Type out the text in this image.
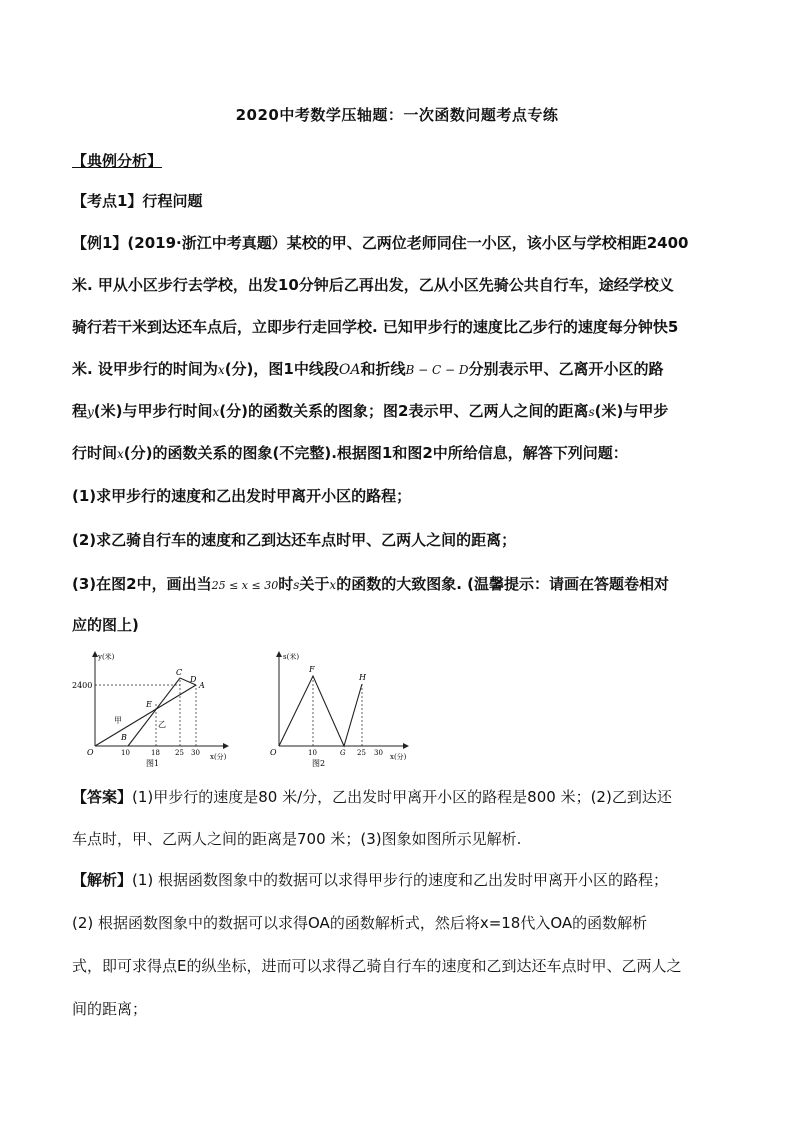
2020中考数学压轴题：一次函数问题考点专练
【典例分析】
【考点1】行程问题
【例1】(2019·浙江中考真题）某校的甲、乙两位老师同住一小区，该小区与学校相距2400
米. 甲从小区步行去学校，出发10分钟后乙再出发，乙从小区先骑公共自行车，途经学校义
骑行若干米到达还车点后，立即步行走回学校. 已知甲步行的速度比乙步行的速度每分钟快5
米. 设甲步行的时间为x(分)，图1中线段OA和折线B − C − D分别表示甲、乙离开小区的路
程y(米)与甲步行时间x(分)的函数关系的图象；图2表示甲、乙两人之间的距离s(米)与甲步
行时间x(分)的函数关系的图象(不完整).根据图1和图2中所给信息，解答下列问题：
(1)求甲步行的速度和乙出发时甲离开小区的路程；
(2)求乙骑自行车的速度和乙到达还车点时甲、乙两人之间的距离；
(3)在图2中，画出当25 ≤ x ≤ 30时s关于x的函数的大致图象. (温馨提示：请画在答题卷相对
应的图上)
y(米)
x(分)
2400
O
C
D
A
E
B
甲	乙
10	18 25 30
图1
s(米)
x(分)
O
F
H
10	G 25 30
图2
【答案】(1)甲步行的速度是80 米/分，乙出发时甲离开小区的路程是800 米；(2)乙到达还
车点时，甲、乙两人之间的距离是700 米；(3)图象如图所示见解析.
【解析】(1) 根据函数图象中的数据可以求得甲步行的速度和乙出发时甲离开小区的路程；
(2) 根据函数图象中的数据可以求得OA的函数解析式，然后将x=18代入OA的函数解析
式，即可求得点E的纵坐标，进而可以求得乙骑自行车的速度和乙到达还车点时甲、乙两人之
间的距离；
